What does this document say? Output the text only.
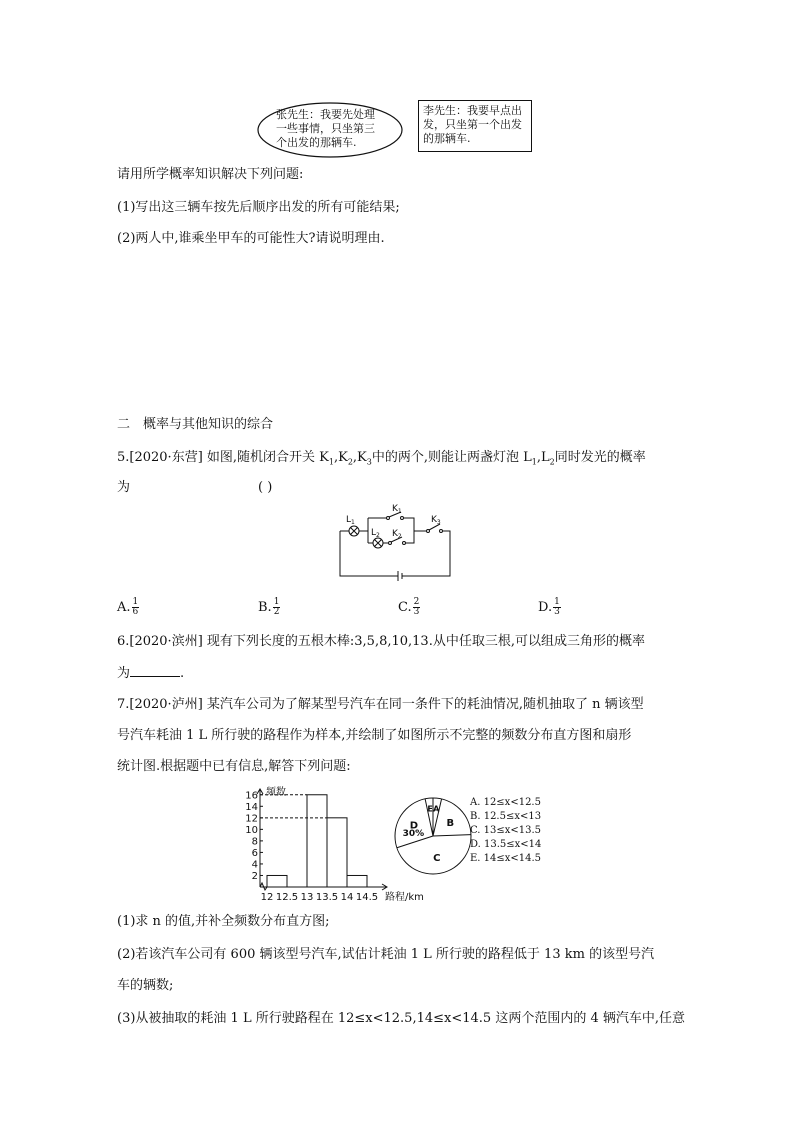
张先生：我要先处理
一些事情，只坐第三
个出发的那辆车.
李先生：我要早点出
发，只坐第一个出发
的那辆车.
请用所学概率知识解决下列问题:
(1)写出这三辆车按先后顺序出发的所有可能结果;
(2)两人中,谁乘坐甲车的可能性大?请说明理由.
二　概率与其他知识的综合
5.[2020·东营] 如图,随机闭合开关 $K_1,K_2,K_3$中的两个,则能让两盏灯泡 $L_1,L_2$同时发光的概率
为	( )
$L_1$
$L_2$
$K_1$
$K_2$
$K_3$
A. $\frac{1}{6}$	B. $\frac{1}{2}$	C. $\frac{2}{3}$	D. $\frac{1}{3}$
6.[2020·滨州] 现有下列长度的五根木棒:3,5,8,10,13.从中任取三根,可以组成三角形的概率
为	.
7.[2020·泸州] 某汽车公司为了解某型号汽车在同一条件下的耗油情况,随机抽取了 n 辆该型
号汽车耗油 1 L 所行驶的路程作为样本,并绘制了如图所示不完整的频数分布直方图和扇形
统计图.根据题中已有信息,解答下列问题:
频数
2
4
6
8
10
12
14
16
12 12.5 13 13.5 14 14.5 路程/km
E A
B
C
D
30%
A. 12≤x<12.5
B. 12.5≤x<13
C. 13≤x<13.5
D. 13.5≤x<14
E. 14≤x<14.5
(1)求 n 的值,并补全频数分布直方图;
(2)若该汽车公司有 600 辆该型号汽车,试估计耗油 1 L 所行驶的路程低于 13 km 的该型号汽
车的辆数;
(3)从被抽取的耗油 1 L 所行驶路程在 12≤x<12.5,14≤x<14.5 这两个范围内的 4 辆汽车中,任意
